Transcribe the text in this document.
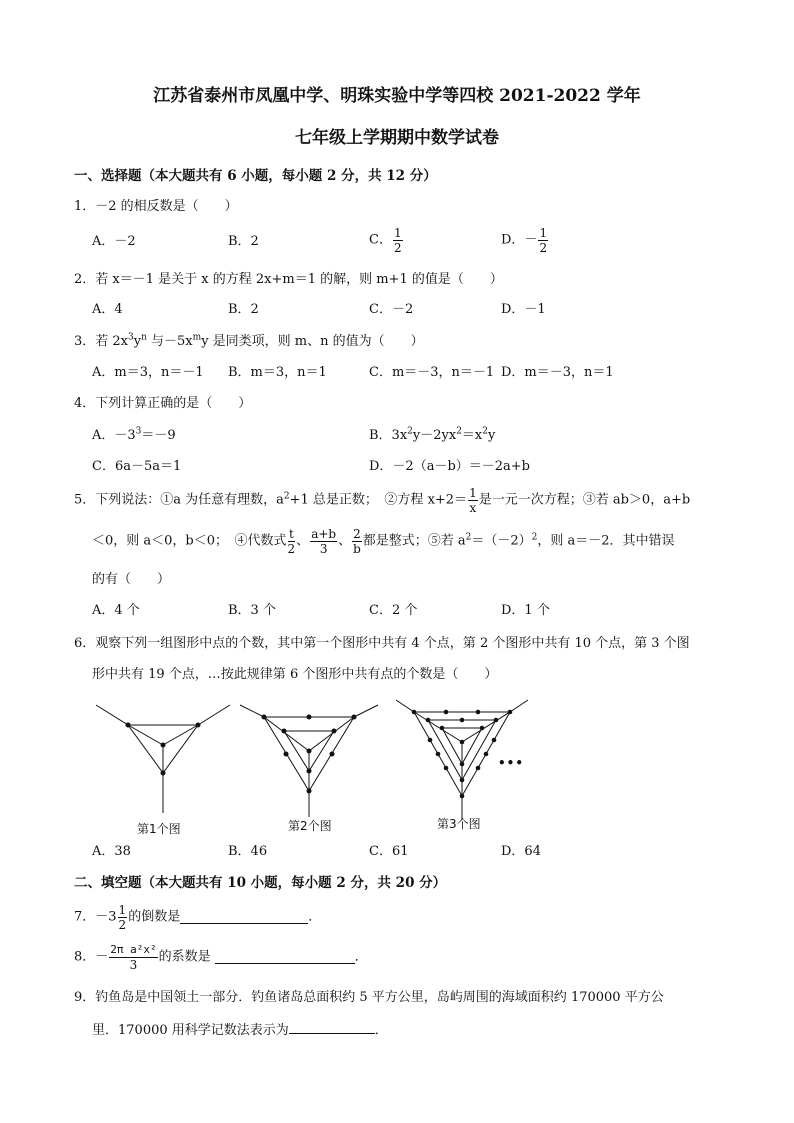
江苏省泰州市凤凰中学、明珠实验中学等四校 2021-2022 学年
七年级上学期期中数学试卷
一、选择题（本大题共有 6 小题，每小题 2 分，共 12 分）
1．－2 的相反数是（　　）
A．－2	B．2	C． $\frac{1}{2}$	D．－ $\frac{1}{2}$
2．若 x＝－1 是关于 x 的方程 2x+m＝1 的解，则 m+1 的值是（　　）
A．4	B．2	C．－2	D．－1
3．若 $2x^3y^n$ 与$-5x^my$ 是同类项，则 m、n 的值为（　　）
A．m＝3，n＝－1 B．m＝3，n＝1	C．m＝－3，n＝－1 D．m＝－3，n＝1
4．下列计算正确的是（　　）
A．$-3^3=-9$	B．$3x^2y-2yx^2=x^2y$
C．6a－5a＝1	D．－2（a－b）＝－2a+b
5．下列说法：①a 为任意有理数，$a^2+1$ 总是正数；　②方程 $x+2= \frac{1}{x}$ 是一元一次方程；③若 ab＞0，a+b
＜0，则 a＜0，b＜0；　④代数式 $\frac{t}{2}$ 、 $\frac{a+b}{3}$ 、 $\frac{2}{b}$ 都是整式；⑤若 $a^2=(-2)^2$，则 a＝－2．其中错误
的有（　　）
A．4 个	B．3 个	C．2 个	D．1 个
6．观察下列一组图形中点的个数，其中第一个图形中共有 4 个点，第 2 个图形中共有 10 个点，第 3 个图
形中共有 19 个点，…按此规律第 6 个图形中共有点的个数是（　　）
第1个图	第2个图	第3个图
•••
A．38	B．46	C．61	D．64
二、填空题（本大题共有 10 小题，每小题 2 分，共 20 分）
7．$-3 \frac{1}{2}$ 的倒数是	．
8．－ $\frac{\text{2π a²x²}}{3}$ 的系数是	．
9．钓鱼岛是中国领土一部分．钓鱼诸岛总面积约 5 平方公里，岛屿周围的海域面积约 170000 平方公
里．170000 用科学记数法表示为	．
